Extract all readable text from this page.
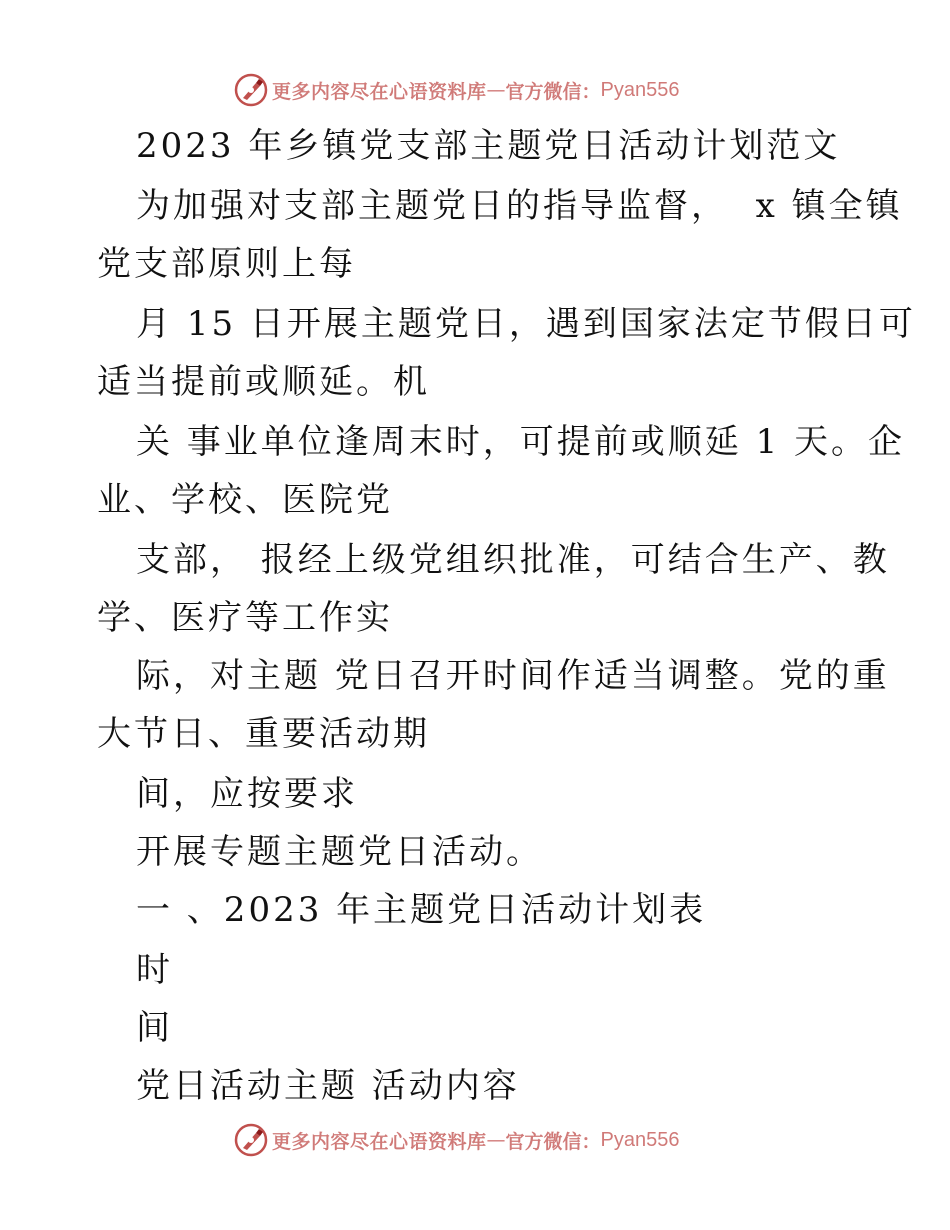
更多内容尽在心语资料库 — 官方微信： Pyan556
2023 年乡镇党支部主题党日活动计划范文
为加强对支部主题党日的指导监督，  x 镇全镇
党支部原则上每
月 15 日开展主题党日，遇到国家法定节假日可
适当提前或顺延。机
关 事业单位逢周末时，可提前或顺延 1 天。企
业、学校、医院党
支部， 报经上级党组织批准，可结合生产、教
学、医疗等工作实
际，对主题 党日召开时间作适当调整。党的重
大节日、重要活动期
间，应按要求
开展专题主题党日活动。
一 、2023 年主题党日活动计划表
时
间
党日活动主题 活动内容
更多内容尽在心语资料库 — 官方微信： Pyan556
